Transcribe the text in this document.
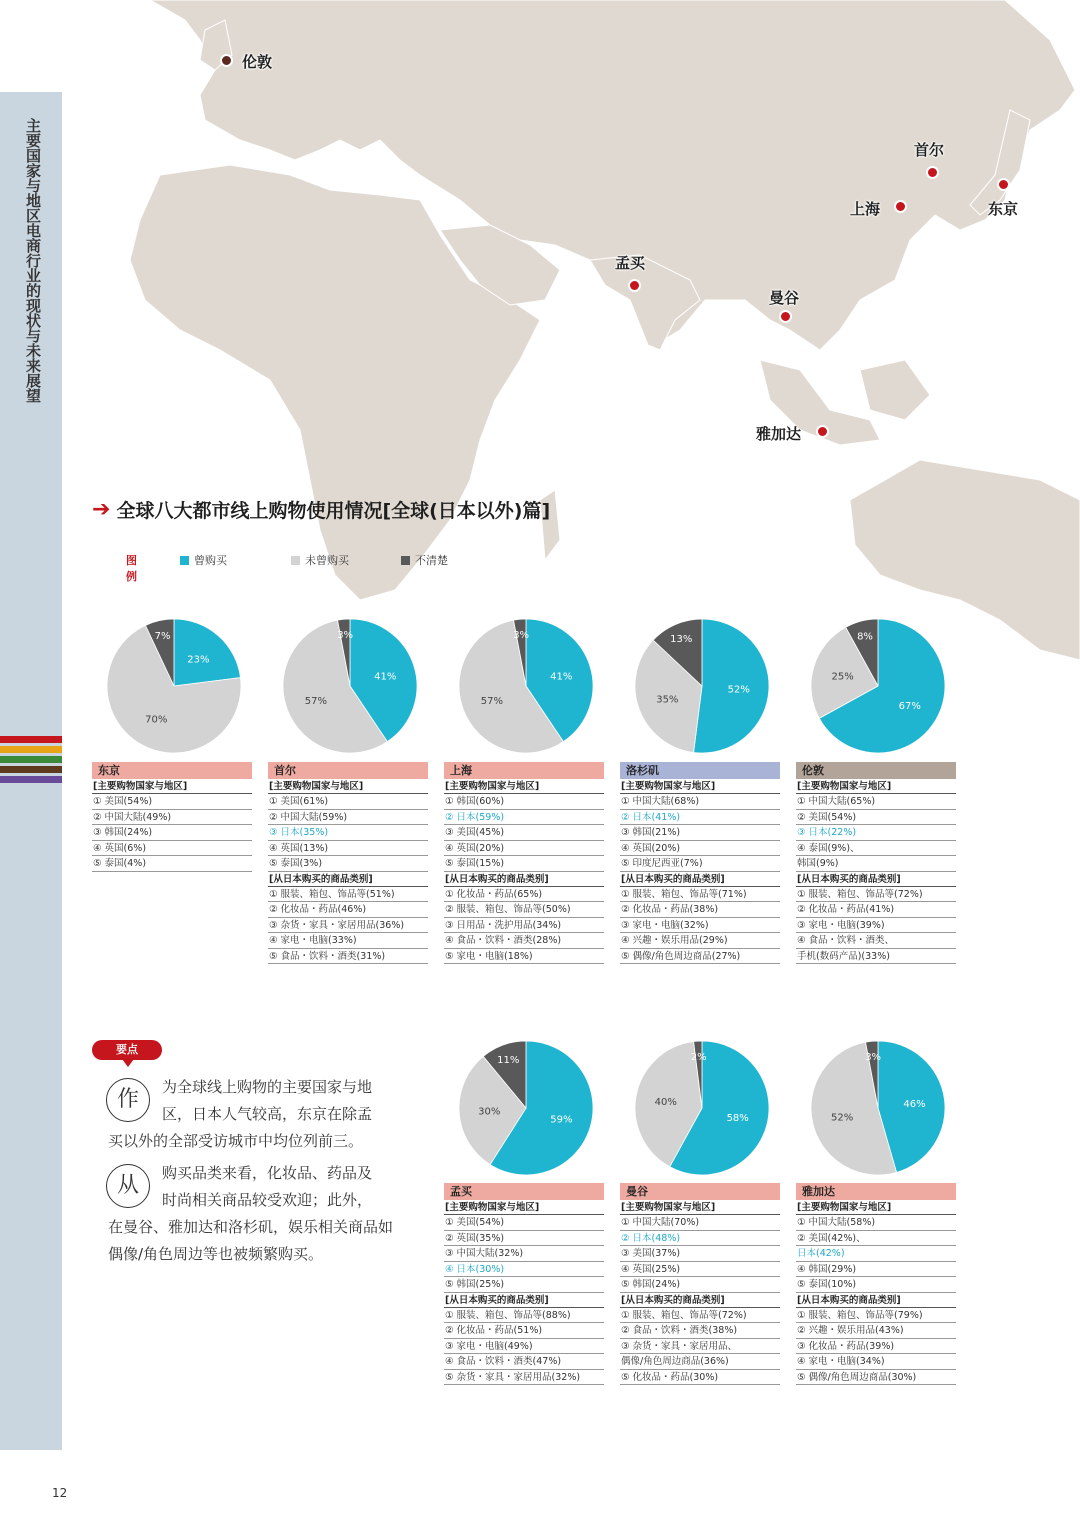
伦敦
首尔
上海	东京
孟买
曼谷
雅加达
主要国家与地区电商行业的现状与未来展望
➔ 全球八大都市线上购物使用情况[全球(日本以外)篇]
图例
曾购买	未曾购买	不清楚
23%
70%
7%
东京
[主要购物国家与地区]
① 美国(54%)
② 中国大陆(49%)
③ 韩国(24%)
④ 英国(6%)
⑤ 泰国(4%)
41%
57%
3%
首尔
[主要购物国家与地区]
① 美国(61%)
② 中国大陆(59%)
③ 日本(35%)
④ 英国(13%)
⑤ 泰国(3%)
[从日本购买的商品类别]
① 服装、箱包、饰品等(51%)
② 化妆品・药品(46%)
③ 杂货・家具・家居用品(36%)
④ 家电・电脑(33%)
⑤ 食品・饮料・酒类(31%)
41%
57%
3%
上海
[主要购物国家与地区]
① 韩国(60%)
② 日本(59%)
③ 美国(45%)
④ 英国(20%)
⑤ 泰国(15%)
[从日本购买的商品类别]
① 化妆品・药品(65%)
② 服装、箱包、饰品等(50%)
③ 日用品・洗护用品(34%)
④ 食品・饮料・酒类(28%)
⑤ 家电・电脑(18%)
52%
35%
13%
洛杉矶
[主要购物国家与地区]
① 中国大陆(68%)
② 日本(41%)
③ 韩国(21%)
④ 英国(20%)
⑤ 印度尼西亚(7%)
[从日本购买的商品类别]
① 服装、箱包、饰品等(71%)
② 化妆品・药品(38%)
③ 家电・电脑(32%)
④ 兴趣・娱乐用品(29%)
⑤ 偶像/角色周边商品(27%)
67%
25%
8%
伦敦
[主要购物国家与地区]
① 中国大陆(65%)
② 美国(54%)
③ 日本(22%)
④ 泰国(9%)、
韩国(9%)
[从日本购买的商品类别]
① 服装、箱包、饰品等(72%)
② 化妆品・药品(41%)
③ 家电・电脑(39%)
④ 食品・饮料・酒类、
手机(数码产品)(33%)
59%
30%
11%
孟买
[主要购物国家与地区]
① 美国(54%)
② 英国(35%)
③ 中国大陆(32%)
④ 日本(30%)
⑤ 韩国(25%)
[从日本购买的商品类别]
① 服装、箱包、饰品等(88%)
② 化妆品・药品(51%)
③ 家电・电脑(49%)
④ 食品・饮料・酒类(47%)
⑤ 杂货・家具・家居用品(32%)
58%
40%
2%
曼谷
[主要购物国家与地区]
① 中国大陆(70%)
② 日本(48%)
③ 美国(37%)
④ 英国(25%)
⑤ 韩国(24%)
[从日本购买的商品类别]
① 服装、箱包、饰品等(72%)
② 食品・饮料・酒类(38%)
③ 杂货・家具・家居用品、
偶像/角色周边商品(36%)
⑤ 化妆品・药品(30%)
46%
52%
3%
雅加达
[主要购物国家与地区]
① 中国大陆(58%)
② 美国(42%)、
日本(42%)
④ 韩国(29%)
⑤ 泰国(10%)
[从日本购买的商品类别]
① 服装、箱包、饰品等(79%)
② 兴趣・娱乐用品(43%)
③ 化妆品・药品(39%)
④ 家电・电脑(34%)
⑤ 偶像/角色周边商品(30%)
要点
作	为全球线上购物的主要国家与地
区，日本人气较高，东京在除孟
买以外的全部受访城市中均位列前三。
从	购买品类来看，化妆品、药品及
时尚相关商品较受欢迎；此外，
在曼谷、雅加达和洛杉矶，娱乐相关商品如偶像/角色周边等也被频繁购买。
12
